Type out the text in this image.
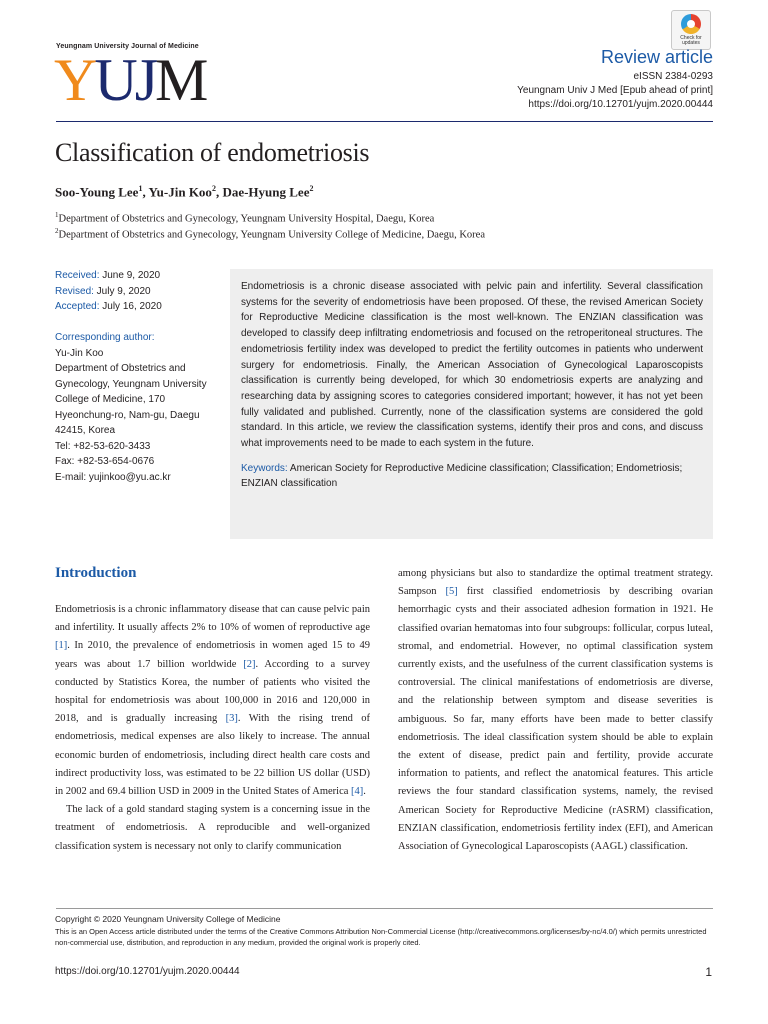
Yeungnam University Journal of Medicine
Y U J M
Check for updates
Review article
eISSN 2384-0293
Yeungnam Univ J Med [Epub ahead of print]
https://doi.org/10.12701/yujm.2020.00444
Classification of endometriosis
Soo-Young Lee$^1$, Yu-Jin Koo$^2$, Dae-Hyung Lee$^2$
$^1$Department of Obstetrics and Gynecology, Yeungnam University Hospital, Daegu, Korea
$^2$Department of Obstetrics and Gynecology, Yeungnam University College of Medicine, Daegu, Korea
Received: June 9, 2020
Revised: July 9, 2020
Accepted: July 16, 2020
Corresponding author:
Yu-Jin Koo
Department of Obstetrics and
Gynecology, Yeungnam University
College of Medicine, 170
Hyeonchung-ro, Nam-gu, Daegu
42415, Korea
Tel: +82-53-620-3433
Fax: +82-53-654-0676
E-mail: yujinkoo@yu.ac.kr

Endometriosis is a chronic disease associated with pelvic pain and infertility. Several classification systems for the severity of endometriosis have been proposed. Of these, the revised American Society for Reproductive Medicine classification is the most well-known. The ENZIAN classification was developed to classify deep infiltrating endometriosis and focused on the retroperitoneal structures. The endometriosis fertility index was developed to predict the fertility outcomes in patients who underwent surgery for endometriosis. Finally, the American Association of Gynecological Laparoscopists classification is currently being developed, for which 30 endometriosis experts are analyzing and researching data by assigning scores to categories considered important; however, it has not yet been fully validated and published. Currently, none of the classification systems are considered the gold standard. In this article, we review the classification systems, identify their pros and cons, and discuss what improvements need to be made to each system in the future.

Keywords: American Society for Reproductive Medicine classification; Classification; Endometriosis; ENZIAN classification

Introduction

Endometriosis is a chronic inflammatory disease that can cause pelvic pain and infertility. It usually affects 2% to 10% of women of reproductive age [1]. In 2010, the prevalence of endometriosis in women aged 15 to 49 years was about 1.7 billion worldwide [2]. According to a survey conducted by Statistics Korea, the number of patients who visited the hospital for endometriosis was about 100,000 in 2016 and 120,000 in 2018, and is gradually increasing [3]. With the rising trend of endometriosis, medical expenses are also likely to increase. The annual economic burden of endometriosis, including direct health care costs and indirect productivity loss, was estimated to be 22 billion US dollar (USD) in 2002 and 69.4 billion USD in 2009 in the United States of America [4].

The lack of a gold standard staging system is a concerning issue in the treatment of endometriosis. A reproducible and well-organized classification system is necessary not only to clarify communication

among physicians but also to standardize the optimal treatment strategy. Sampson [5] first classified endometriosis by describing ovarian hemorrhagic cysts and their associated adhesion formation in 1921. He classified ovarian hematomas into four subgroups: follicular, corpus luteal, stromal, and endometrial. However, no optimal classification system currently exists, and the usefulness of the current classification systems is controversial. The clinical manifestations of endometriosis are diverse, and the relationship between symptom and disease severities is ambiguous. So far, many efforts have been made to better classify endometriosis. The ideal classification system should be able to explain the extent of disease, predict pain and fertility, provide accurate information to patients, and reflect the anatomical features. This article reviews the four standard classification systems, namely, the revised American Society for Reproductive Medicine (rASRM) classification, ENZIAN classification, endometriosis fertility index (EFI), and American Association of Gynecological Laparoscopists (AAGL) classification.

Copyright © 2020 Yeungnam University College of Medicine
This is an Open Access article distributed under the terms of the Creative Commons Attribution Non-Commercial License (http://creativecommons.org/licenses/by-nc/4.0/) which permits unrestricted non-commercial use, distribution, and reproduction in any medium, provided the original work is properly cited.
https://doi.org/10.12701/yujm.2020.00444	1
